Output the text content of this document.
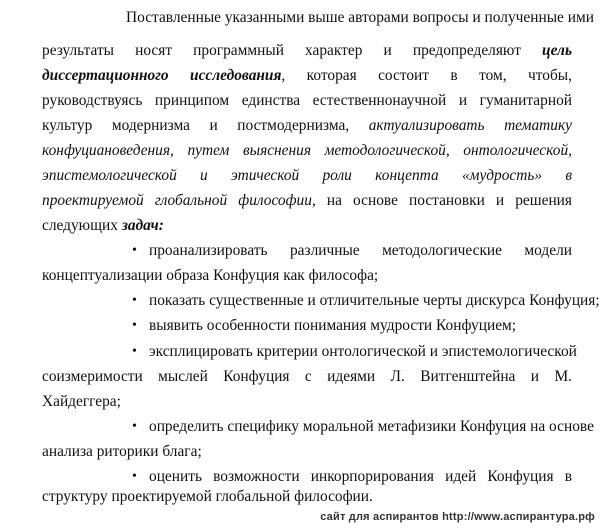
Поставленные указанными выше авторами вопросы и полученные ими
результаты носят программный характер и предопределяют цель
диссертационного исследования, которая состоит в том, чтобы,
руководствуясь принципом единства естественнонаучной и гуманитарной
культур модернизма и постмодернизма, актуализировать тематику
конфуциановедения, путем выяснения методологической, онтологической,
эпистемологической и этической роли концепта «мудрость» в
проектируемой глобальной философии, на основе постановки и решения
следующих задач:
• проанализировать различные методологические модели
концептуализации образа Конфуция как философа;
• показать существенные и отличительные черты дискурса Конфуция;
• выявить особенности понимания мудрости Конфуцием;
• эксплицировать критерии онтологической и эпистемологической
соизмеримости мыслей Конфуция с идеями Л. Витгенштейна и М.
Хайдеггера;
• определить специфику моральной метафизики Конфуция на основе
анализа риторики блага;
• оценить возможности инкорпорирования идей Конфуция в
структуру проектируемой глобальной философии.
сайт для аспирантов http://www.аспирантура.рф
